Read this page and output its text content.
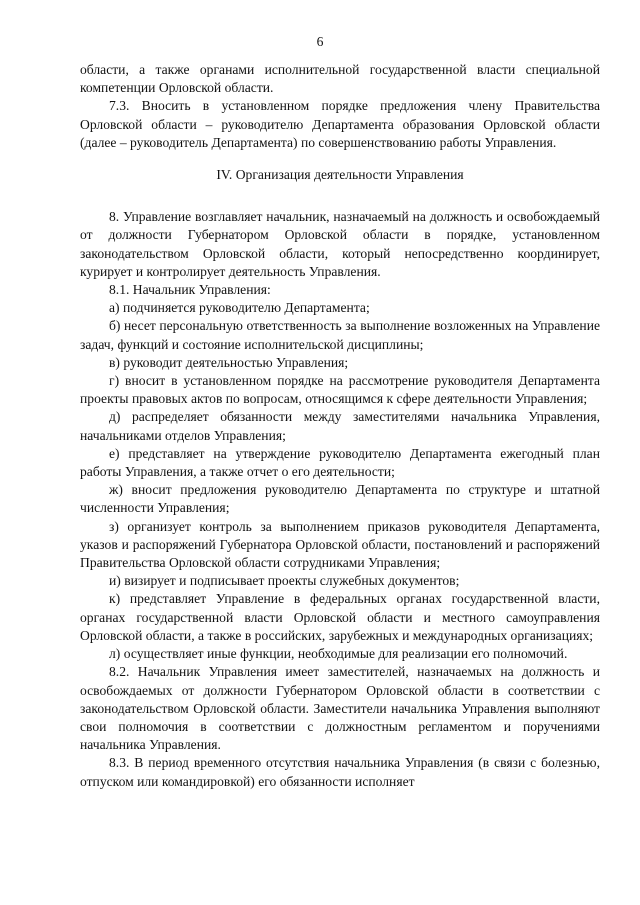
6

области, а также органами исполнительной государственной власти специальной компетенции Орловской области.

7.3. Вносить в установленном порядке предложения члену Правительства Орловской области – руководителю Департамента образования Орловской области (далее – руководитель Департамента) по совершенствованию работы Управления.

IV. Организация деятельности Управления

8. Управление возглавляет начальник, назначаемый на должность и освобождаемый от должности Губернатором Орловской области в порядке, установленном законодательством Орловской области, который непосредственно координирует, курирует и контролирует деятельность Управления.

8.1. Начальник Управления:

а) подчиняется руководителю Департамента;

б) несет персональную ответственность за выполнение возложенных на Управление задач, функций и состояние исполнительской дисциплины;

в) руководит деятельностью Управления;

г) вносит в установленном порядке на рассмотрение руководителя Департамента проекты правовых актов по вопросам, относящимся к сфере деятельности Управления;

д) распределяет обязанности между заместителями начальника Управления, начальниками отделов Управления;

е) представляет на утверждение руководителю Департамента ежегодный план работы Управления, а также отчет о его деятельности;

ж) вносит предложения руководителю Департамента по структуре и штатной численности Управления;

з) организует контроль за выполнением приказов руководителя Департамента, указов и распоряжений Губернатора Орловской области, постановлений и распоряжений Правительства Орловской области сотрудниками Управления;

и) визирует и подписывает проекты служебных документов;

к) представляет Управление в федеральных органах государственной власти, органах государственной власти Орловской области и местного самоуправления Орловской области, а также в российских, зарубежных и международных организациях;

л) осуществляет иные функции, необходимые для реализации его полномочий.

8.2. Начальник Управления имеет заместителей, назначаемых на должность и освобождаемых от должности Губернатором Орловской области в соответствии с законодательством Орловской области. Заместители начальника Управления выполняют свои полномочия в соответствии с должностным регламентом и поручениями начальника Управления.

8.3. В период временного отсутствия начальника Управления (в связи с болезнью, отпуском или командировкой) его обязанности исполняет
